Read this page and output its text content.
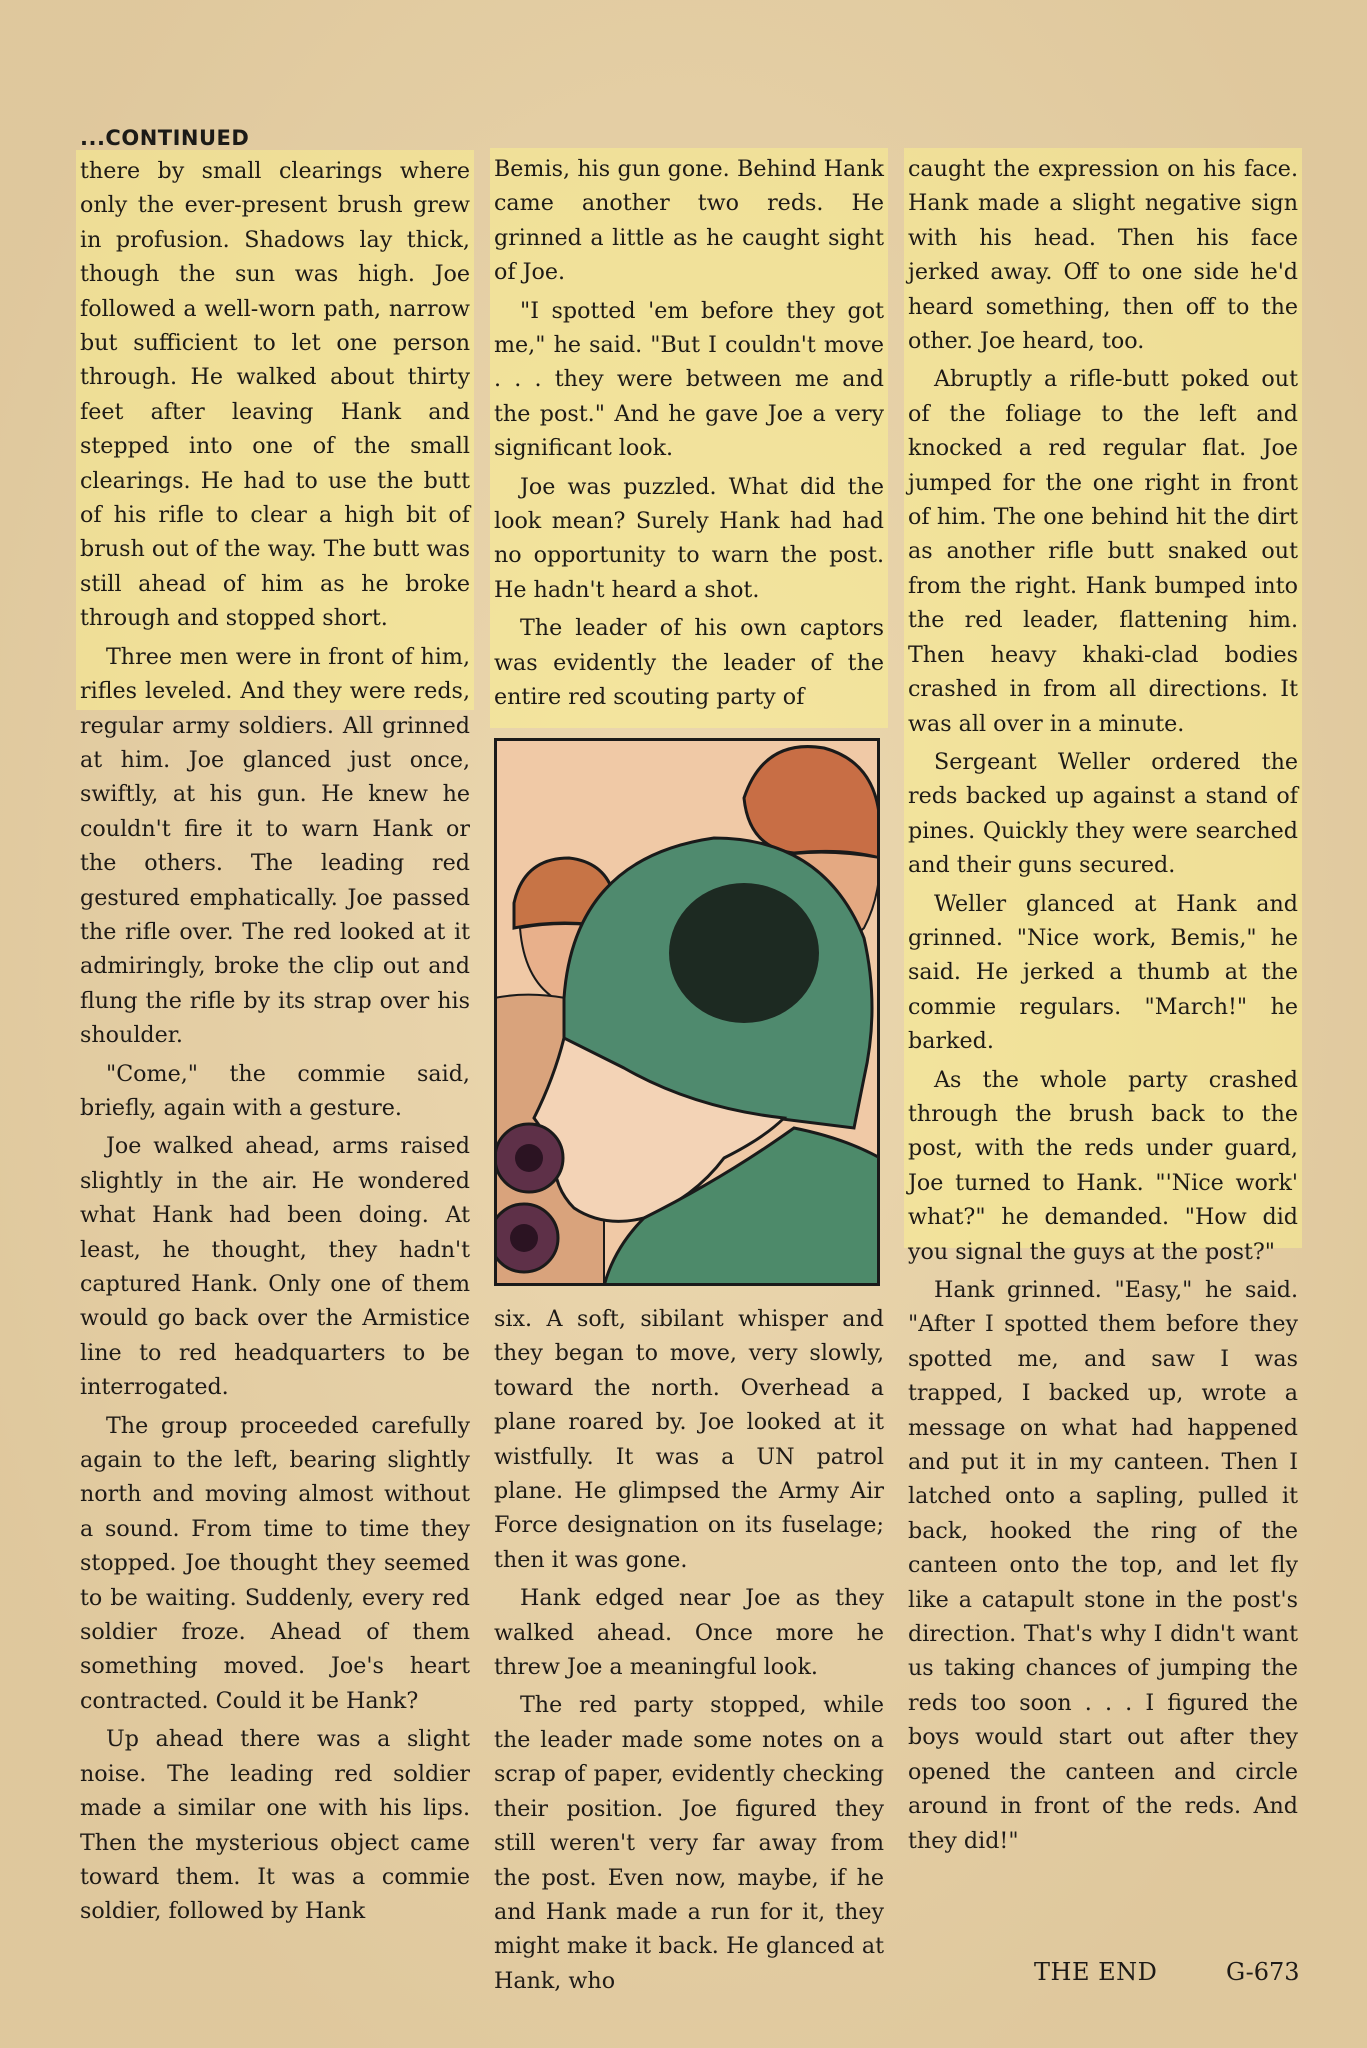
...CONTINUED

there by small clearings where only the ever-present brush grew in profusion. Shadows lay thick, though the sun was high. Joe followed a well-worn path, narrow but sufficient to let one person through. He walked about thirty feet after leaving Hank and stepped into one of the small clearings. He had to use the butt of his rifle to clear a high bit of brush out of the way. The butt was still ahead of him as he broke through and stopped short.

Three men were in front of him, rifles leveled. And they were reds, regular army soldiers. All grinned at him. Joe glanced just once, swiftly, at his gun. He knew he couldn't fire it to warn Hank or the others. The leading red gestured emphatically. Joe passed the rifle over. The red looked at it admiringly, broke the clip out and flung the rifle by its strap over his shoulder.

"Come," the commie said, briefly, again with a gesture.

Joe walked ahead, arms raised slightly in the air. He wondered what Hank had been doing. At least, he thought, they hadn't captured Hank. Only one of them would go back over the Armistice line to red headquarters to be interrogated.

The group proceeded carefully again to the left, bearing slightly north and moving almost without a sound. From time to time they stopped. Joe thought they seemed to be waiting. Suddenly, every red soldier froze. Ahead of them something moved. Joe's heart contracted. Could it be Hank?

Up ahead there was a slight noise. The leading red soldier made a similar one with his lips. Then the mysterious object came toward them. It was a commie soldier, followed by Hank

Bemis, his gun gone. Behind Hank came another two reds. He grinned a little as he caught sight of Joe.

"I spotted 'em before they got me," he said. "But I couldn't move . . . they were between me and the post." And he gave Joe a very significant look.

Joe was puzzled. What did the look mean? Surely Hank had had no opportunity to warn the post. He hadn't heard a shot.

The leader of his own captors was evidently the leader of the entire red scouting party of

six. A soft, sibilant whisper and they began to move, very slowly, toward the north. Overhead a plane roared by. Joe looked at it wistfully. It was a UN patrol plane. He glimpsed the Army Air Force designation on its fuselage; then it was gone.

Hank edged near Joe as they walked ahead. Once more he threw Joe a meaningful look.

The red party stopped, while the leader made some notes on a scrap of paper, evidently checking their position. Joe figured they still weren't very far away from the post. Even now, maybe, if he and Hank made a run for it, they might make it back. He glanced at Hank, who

caught the expression on his face. Hank made a slight negative sign with his head. Then his face jerked away. Off to one side he'd heard something, then off to the other. Joe heard, too.

Abruptly a rifle-butt poked out of the foliage to the left and knocked a red regular flat. Joe jumped for the one right in front of him. The one behind hit the dirt as another rifle butt snaked out from the right. Hank bumped into the red leader, flattening him. Then heavy khaki-clad bodies crashed in from all directions. It was all over in a minute.

Sergeant Weller ordered the reds backed up against a stand of pines. Quickly they were searched and their guns secured.

Weller glanced at Hank and grinned. "Nice work, Bemis," he said. He jerked a thumb at the commie regulars. "March!" he barked.

As the whole party crashed through the brush back to the post, with the reds under guard, Joe turned to Hank. "'Nice work' what?" he demanded. "How did you signal the guys at the post?"

Hank grinned. "Easy," he said. "After I spotted them before they spotted me, and saw I was trapped, I backed up, wrote a message on what had happened and put it in my canteen. Then I latched onto a sapling, pulled it back, hooked the ring of the canteen onto the top, and let fly like a catapult stone in the post's direction. That's why I didn't want us taking chances of jumping the reds too soon . . . I figured the boys would start out after they opened the canteen and circle around in front of the reds. And they did!"

THE END	G-673
